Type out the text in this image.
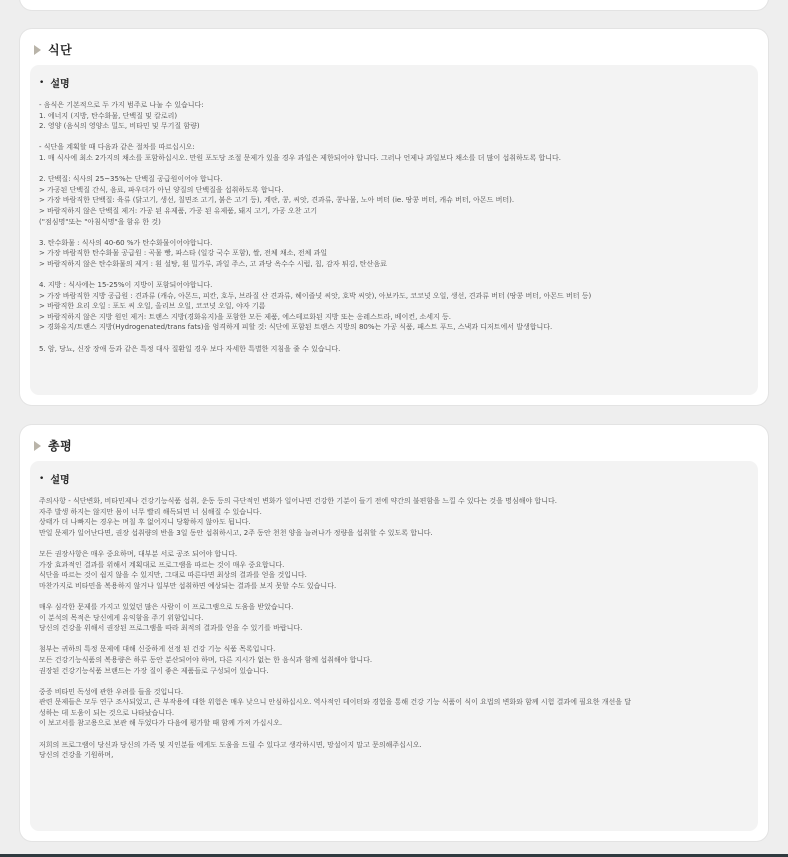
식단
• 설명
- 음식은 기본적으로 두 가지 범주로 나눌 수 있습니다:
1. 에너지 (지방, 탄수화물, 단백질 및 칼로리)
2. 영양 (음식의 영양소 밀도, 비타민 및 무기질 함량)
- 식단을 계획할 때 다음과 같은 절차를 따르십시오:
1. 매 식사에 최소 2가지의 채소를 포함하십시오. 만원 포도당 조절 문제가 있을 경우 과일은 제한되어야 합니다. 그러나 언제나 과일보다 채소를 더 많이 섭취하도록 합니다.
2. 단백질: 식사의 25~35%는 단백질 공급원이어야 합니다.
> 가공된 단백질 간식, 음료, 파우더가 아닌 양질의 단백질을 섭취하도록 합니다.
> 가장 바람직한 단백질: 육류 (닭고기, 생선, 칠면조 고기, 붉은 고기 등), 계란, 콩, 씨앗, 견과류, 콩나물, 노아 버터 (ie. 땅콩 버터, 캐슈 버터, 아몬드 버터).
> 바람직하지 않은 단백질 제거: 가공 된 유제품, 가공 된 유제품, 돼지 고기, 가공 오찬 고기
("점심명"또는 "아침식명"을 함유 한 것)
3. 탄수화물 : 식사의 40-60 %가 탄수화물이어야합니다.
> 가장 바람직한 탄수화물 공급원 : 곡물 빵, 파스타 (일강 국수 포함), 쌀, 전체 채소, 전체 과일
> 바람직하지 않은 탄수화물의 제거 : 흰 설탕, 흰 밀가루, 과일 주스, 고 과당 옥수수 시럽, 칩, 감자 튀김, 탄산음료
4. 지방 : 식사에는 15-25%이 지방이 포함되어야합니다.
> 가장 바람직한 지방 공급원 : 견과류 (캐슈, 아몬드, 피칸, 호두, 브라질 산 견과류, 헤이즐넛 씨앗, 호박 씨앗), 아보카도, 코코넛 오일, 생선, 견과류 버터 (땅콩 버터, 아몬드 버터 등)
> 바람직한 요리 오일 : 포도 씨 오일, 올리브 오일, 코코넛 오일, 야자 기름
> 바람직하지 않은 지방 원인 제거: 트랜스 지방(경화유지)을 포함한 모든 제품, 에스테르화된 지방 또는 옹레스트라, 베이컨, 소세지 등.
> 경화유지/트랜스 지방(Hydrogenated/trans fats)을 엄격하게 피할 것: 식단에 포함된 트랜스 지방의 80%는 가공 식품, 패스트 푸드, 스낵과 디저트에서 발생합니다.
5. 암, 당뇨, 신장 장애 등과 같은 특정 대사 질환일 경우 보다 자세한 특별한 지침을 줄 수 있습니다.
총평
• 설명
주의사항 - 식단변화, 비타민제나 건강기능식품 섭취, 운동 등의 극단적인 변화가 일어나면 건강한 기분이 들기 전에 약간의 불편함을 느낄 수 있다는 것을 명심해야 합니다.
자주 발생 하지는 않지만 몸이 너무 빨리 해독되면 너 심해질 수 있습니다.
상태가 더 나빠지는 경우는 며칠 후 없어지니 당황하지 않아도 됩니다.
만일 문제가 일어난다면, 권장 섭취량의 반을 3일 동안 섭취하시고, 2주 동안 천천 양을 늘려나가 정량을 섭취할 수 있도록 합니다.
모든 권장사항은 매우 중요하며, 대부분 서로 공조 되어야 합니다.
가장 효과적인 결과를 위해서 계획대로 프로그램을 따르는 것이 매우 중요합니다.
식단을 따르는 것이 쉽지 않을 수 있지만, 그대로 따른다면 최상의 결과를 얻을 것입니다.
마찬가지로 비타민을 복용하지 않거나 일부만 섭취하면 예상되는 결과를 보지 못할 수도 있습니다.
매우 심각한 문제를 가지고 있었던 많은 사람이 이 프로그램으로 도움을 받았습니다.
이 분석의 목적은 당신에게 유익함을 주기 위함입니다.
당신의 건강을 위해서 권장된 프로그램을 따라 최적의 결과를 얻을 수 있기를 바랍니다.
첨부는 귀하의 특정 문제에 대해 신중하게 선정 된 건강 기능 식품 목록입니다.
모든 건강기능식품의 복용량은 하루 동안 분산되어야 하며, 다른 지시가 없는 한 음식과 함께 섭취해야 합니다.
권장된 건강기능식품 브랜드는 가장 질이 좋은 제품들로 구성되어 있습니다.
중증 비타민 독성에 관한 우려를 들을 것입니다.
관련 문제들은 모두 연구 조사되었고, 큰 부작용에 대한 위험은 매우 낮으니 안심하십시오. 역사적인 데이터와 경험을 통해 건강 기능 식품이 식이 요법의 변화와 함께 시험 결과에 필요한 개선을 달
성하는 데 도움이 되는 것으로 나타났습니다.
이 보고서를 참고용으로 보관 해 두었다가 다음에 평가할 때 함께 가져 가십시오.
저희의 프로그램이 당신과 당신의 가족 및 지인분들 에게도 도움을 드릴 수 있다고 생각하시면, 망설이지 말고 문의해주십시오.
당신의 건강을 기원하며,
